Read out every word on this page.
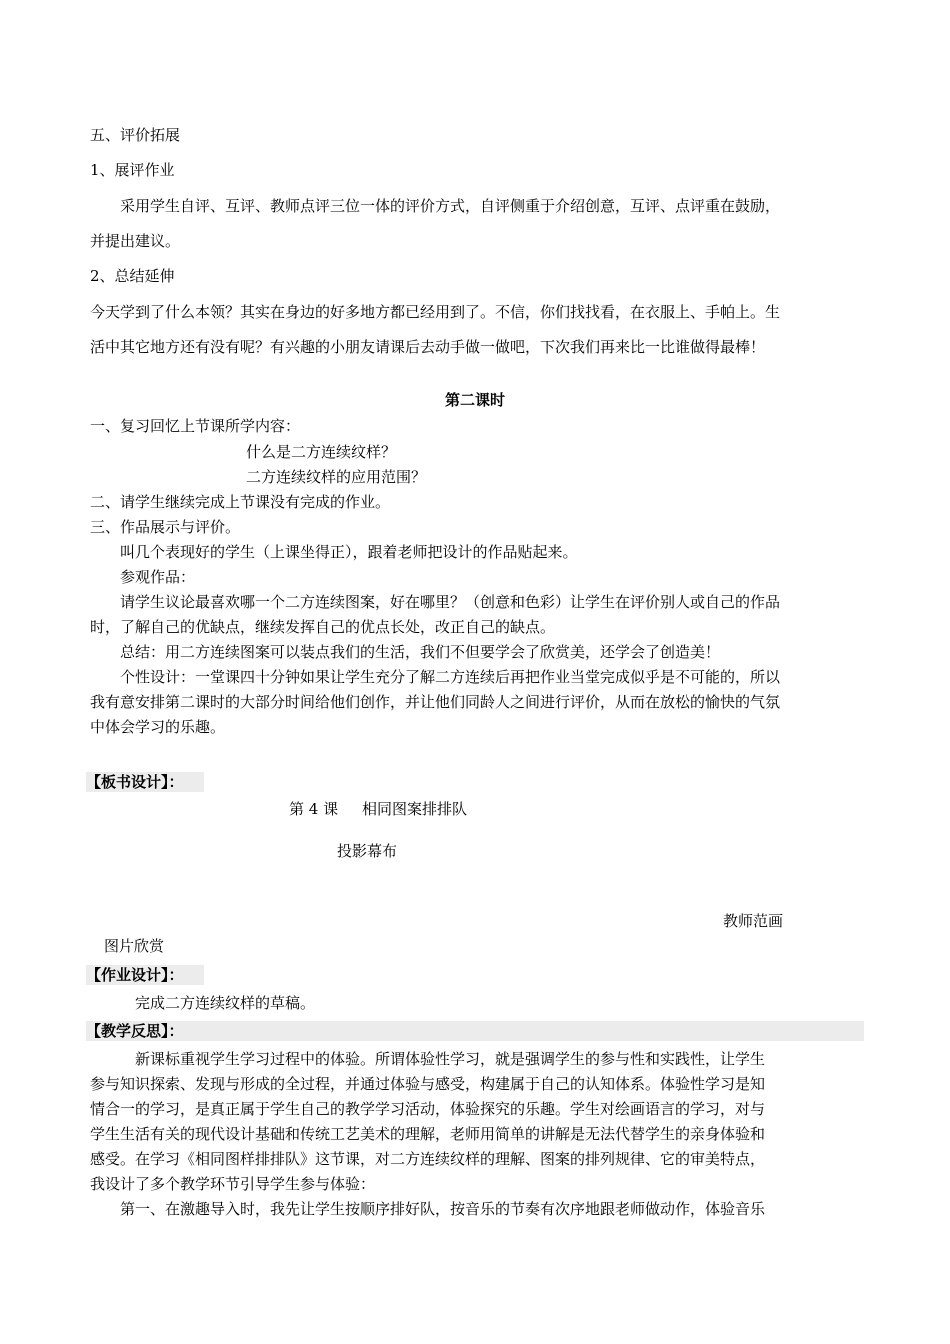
五、评价拓展
1、展评作业
采用学生自评、互评、教师点评三位一体的评价方式，自评侧重于介绍创意，互评、点评重在鼓励，
并提出建议。
2、总结延伸
今天学到了什么本领？其实在身边的好多地方都已经用到了。不信，你们找找看，在衣服上、手帕上。生
活中其它地方还有没有呢？有兴趣的小朋友请课后去动手做一做吧，下次我们再来比一比谁做得最棒！
第二课时
一、复习回忆上节课所学内容：
什么是二方连续纹样？
二方连续纹样的应用范围？
二、请学生继续完成上节课没有完成的作业。
三、作品展示与评价。
叫几个表现好的学生（上课坐得正），跟着老师把设计的作品贴起来。
参观作品：
请学生议论最喜欢哪一个二方连续图案，好在哪里？（创意和色彩）让学生在评价别人或自己的作品
时，了解自己的优缺点，继续发挥自己的优点长处，改正自己的缺点。
总结：用二方连续图案可以装点我们的生活，我们不但要学会了欣赏美，还学会了创造美！
个性设计：一堂课四十分钟如果让学生充分了解二方连续后再把作业当堂完成似乎是不可能的，所以
我有意安排第二课时的大部分时间给他们创作，并让他们同龄人之间进行评价，从而在放松的愉快的气氛
中体会学习的乐趣。
【板书设计】：
第 4 课 相同图案排排队
投影幕布
教师范画
图片欣赏
【作业设计】：
完成二方连续纹样的草稿。
【教学反思】：
新课标重视学生学习过程中的体验。所谓体验性学习，就是强调学生的参与性和实践性，让学生
参与知识探索、发现与形成的全过程，并通过体验与感受，构建属于自己的认知体系。体验性学习是知
情合一的学习，是真正属于学生自己的教学学习活动，体验探究的乐趣。学生对绘画语言的学习，对与
学生生活有关的现代设计基础和传统工艺美术的理解，老师用简单的讲解是无法代替学生的亲身体验和
感受。在学习《相同图样排排队》这节课，对二方连续纹样的理解、图案的排列规律、它的审美特点，
我设计了多个教学环节引导学生参与体验：
第一、在激趣导入时，我先让学生按顺序排好队，按音乐的节奏有次序地跟老师做动作，体验音乐
